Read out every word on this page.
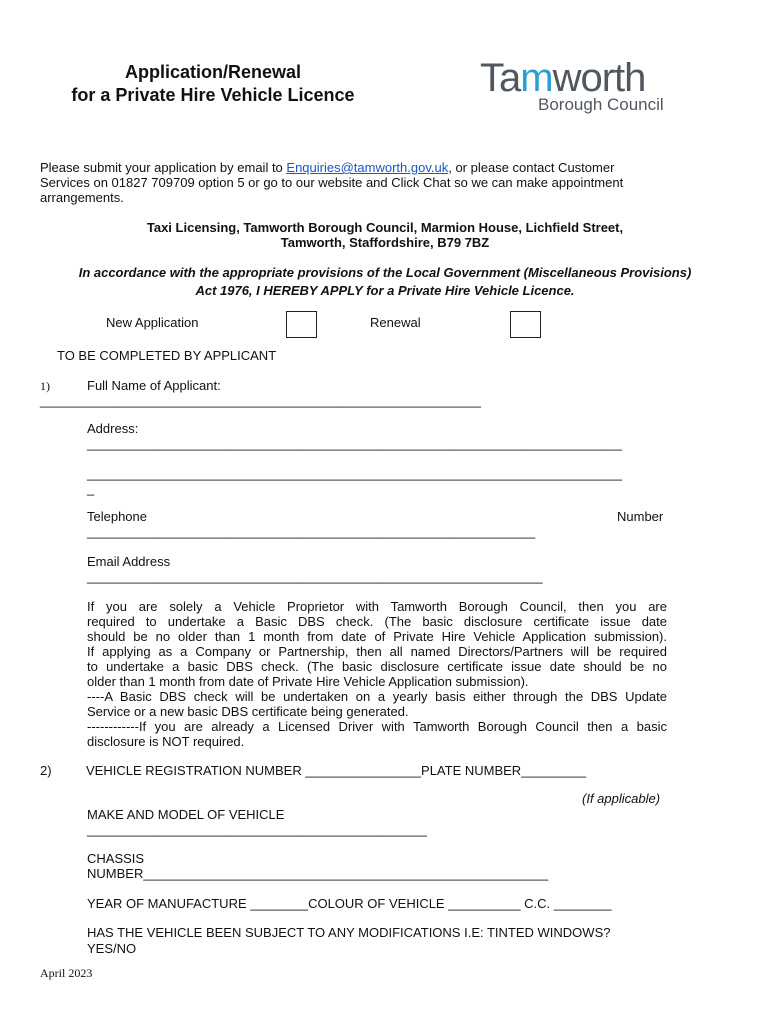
Application/Renewal
for a Private Hire Vehicle Licence	Tamworth
Borough Council
Please submit your application by email to Enquiries@tamworth.gov.uk, or please contact Customer
Services on 01827 709709 option 5 or go to our website and Click Chat so we can make appointment
arrangements.
Taxi Licensing, Tamworth Borough Council, Marmion House, Lichfield Street,
Tamworth, Staffordshire, B79 7BZ
In accordance with the appropriate provisions of the Local Government (Miscellaneous Provisions)
Act 1976, I HEREBY APPLY for a Private Hire Vehicle Licence.
New Application	Renewal
TO BE COMPLETED BY APPLICANT
1)	Full Name of Applicant:
_____________________________________________________________
Address:
__________________________________________________________________________
__________________________________________________________________________
_
Telephone	Number
______________________________________________________________
Email Address
_______________________________________________________________
If you are solely a Vehicle Proprietor with Tamworth Borough Council, then you are
required to undertake a Basic DBS check. (The basic disclosure certificate issue date
should be no older than 1 month from date of Private Hire Vehicle Application submission).
If applying as a Company or Partnership, then all named Directors/Partners will be required
to undertake a basic DBS check. (The basic disclosure certificate issue date should be no
older than 1 month from date of Private Hire Vehicle Application submission).
----A Basic DBS check will be undertaken on a yearly basis either through the DBS Update
Service or a new basic DBS certificate being generated.
------------If you are already a Licensed Driver with Tamworth Borough Council then a basic
disclosure is NOT required.
2)	VEHICLE REGISTRATION NUMBER ________________PLATE NUMBER_________
(If applicable)
MAKE AND MODEL OF VEHICLE
_______________________________________________
CHASSIS
NUMBER________________________________________________________
YEAR OF MANUFACTURE ________COLOUR OF VEHICLE __________ C.C. ________
HAS THE VEHICLE BEEN SUBJECT TO ANY MODIFICATIONS I.E: TINTED WINDOWS?
YES/NO
April 2023
